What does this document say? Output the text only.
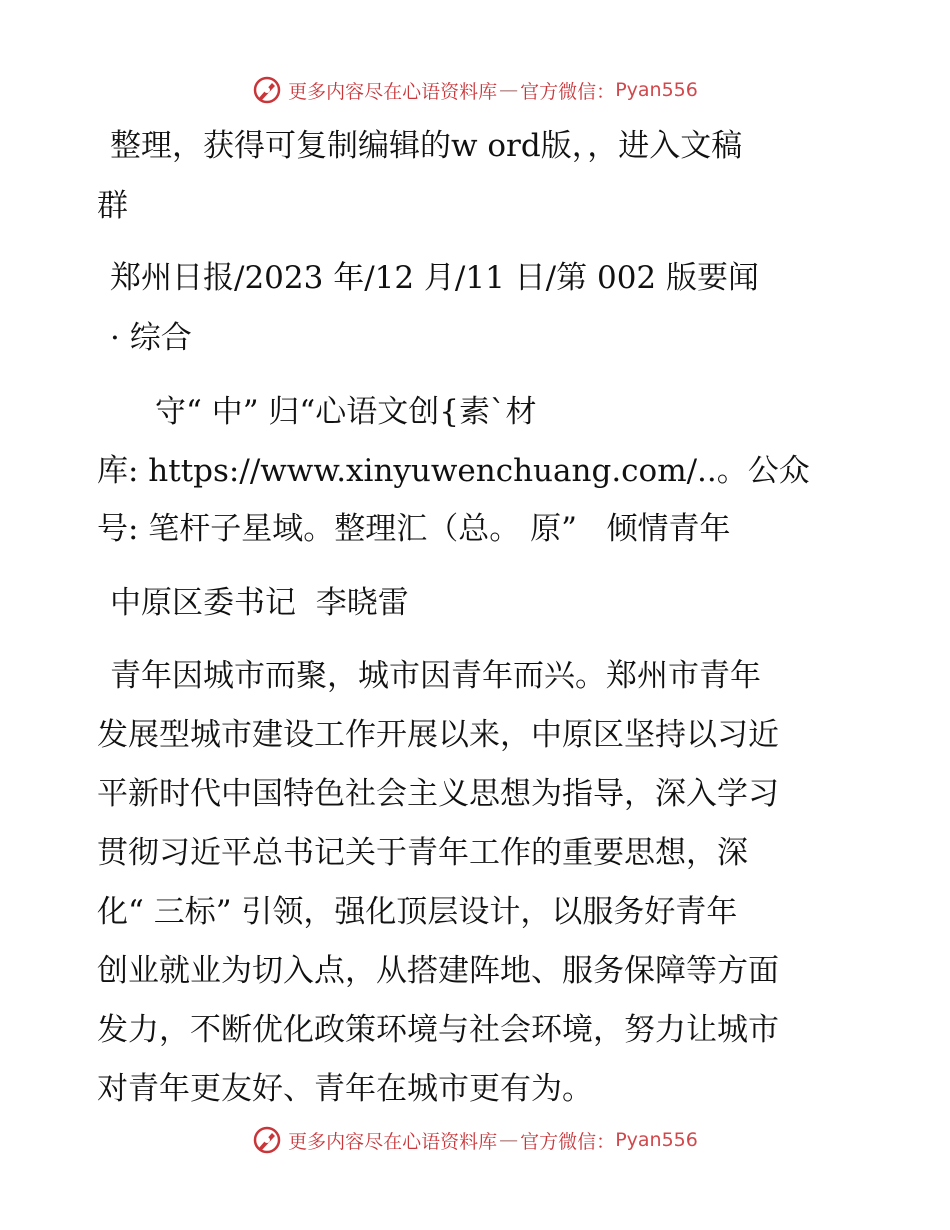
更多内容尽在心语资料库 — 官方微信： Pyan556
整理，获得可复制编辑的w ord版，，进入文稿
群
郑州日报/2023 年/12 月/11 日/第 002 版要闻
· 综合
守“ 中” 归“心语文创{素`材
库: https://www.xinyuwenchuang.com/..。公众
号: 笔杆子星域。整理汇（总。 原”   倾情青年
中原区委书记  李晓雷
青年因城市而聚，城市因青年而兴。郑州市青年
发展型城市建设工作开展以来，中原区坚持以习近
平新时代中国特色社会主义思想为指导，深入学习
贯彻习近平总书记关于青年工作的重要思想，深
化“ 三标” 引领，强化顶层设计，以服务好青年
创业就业为切入点，从搭建阵地、服务保障等方面
发力，不断优化政策环境与社会环境，努力让城市
对青年更友好、青年在城市更有为。
更多内容尽在心语资料库 — 官方微信： Pyan556
